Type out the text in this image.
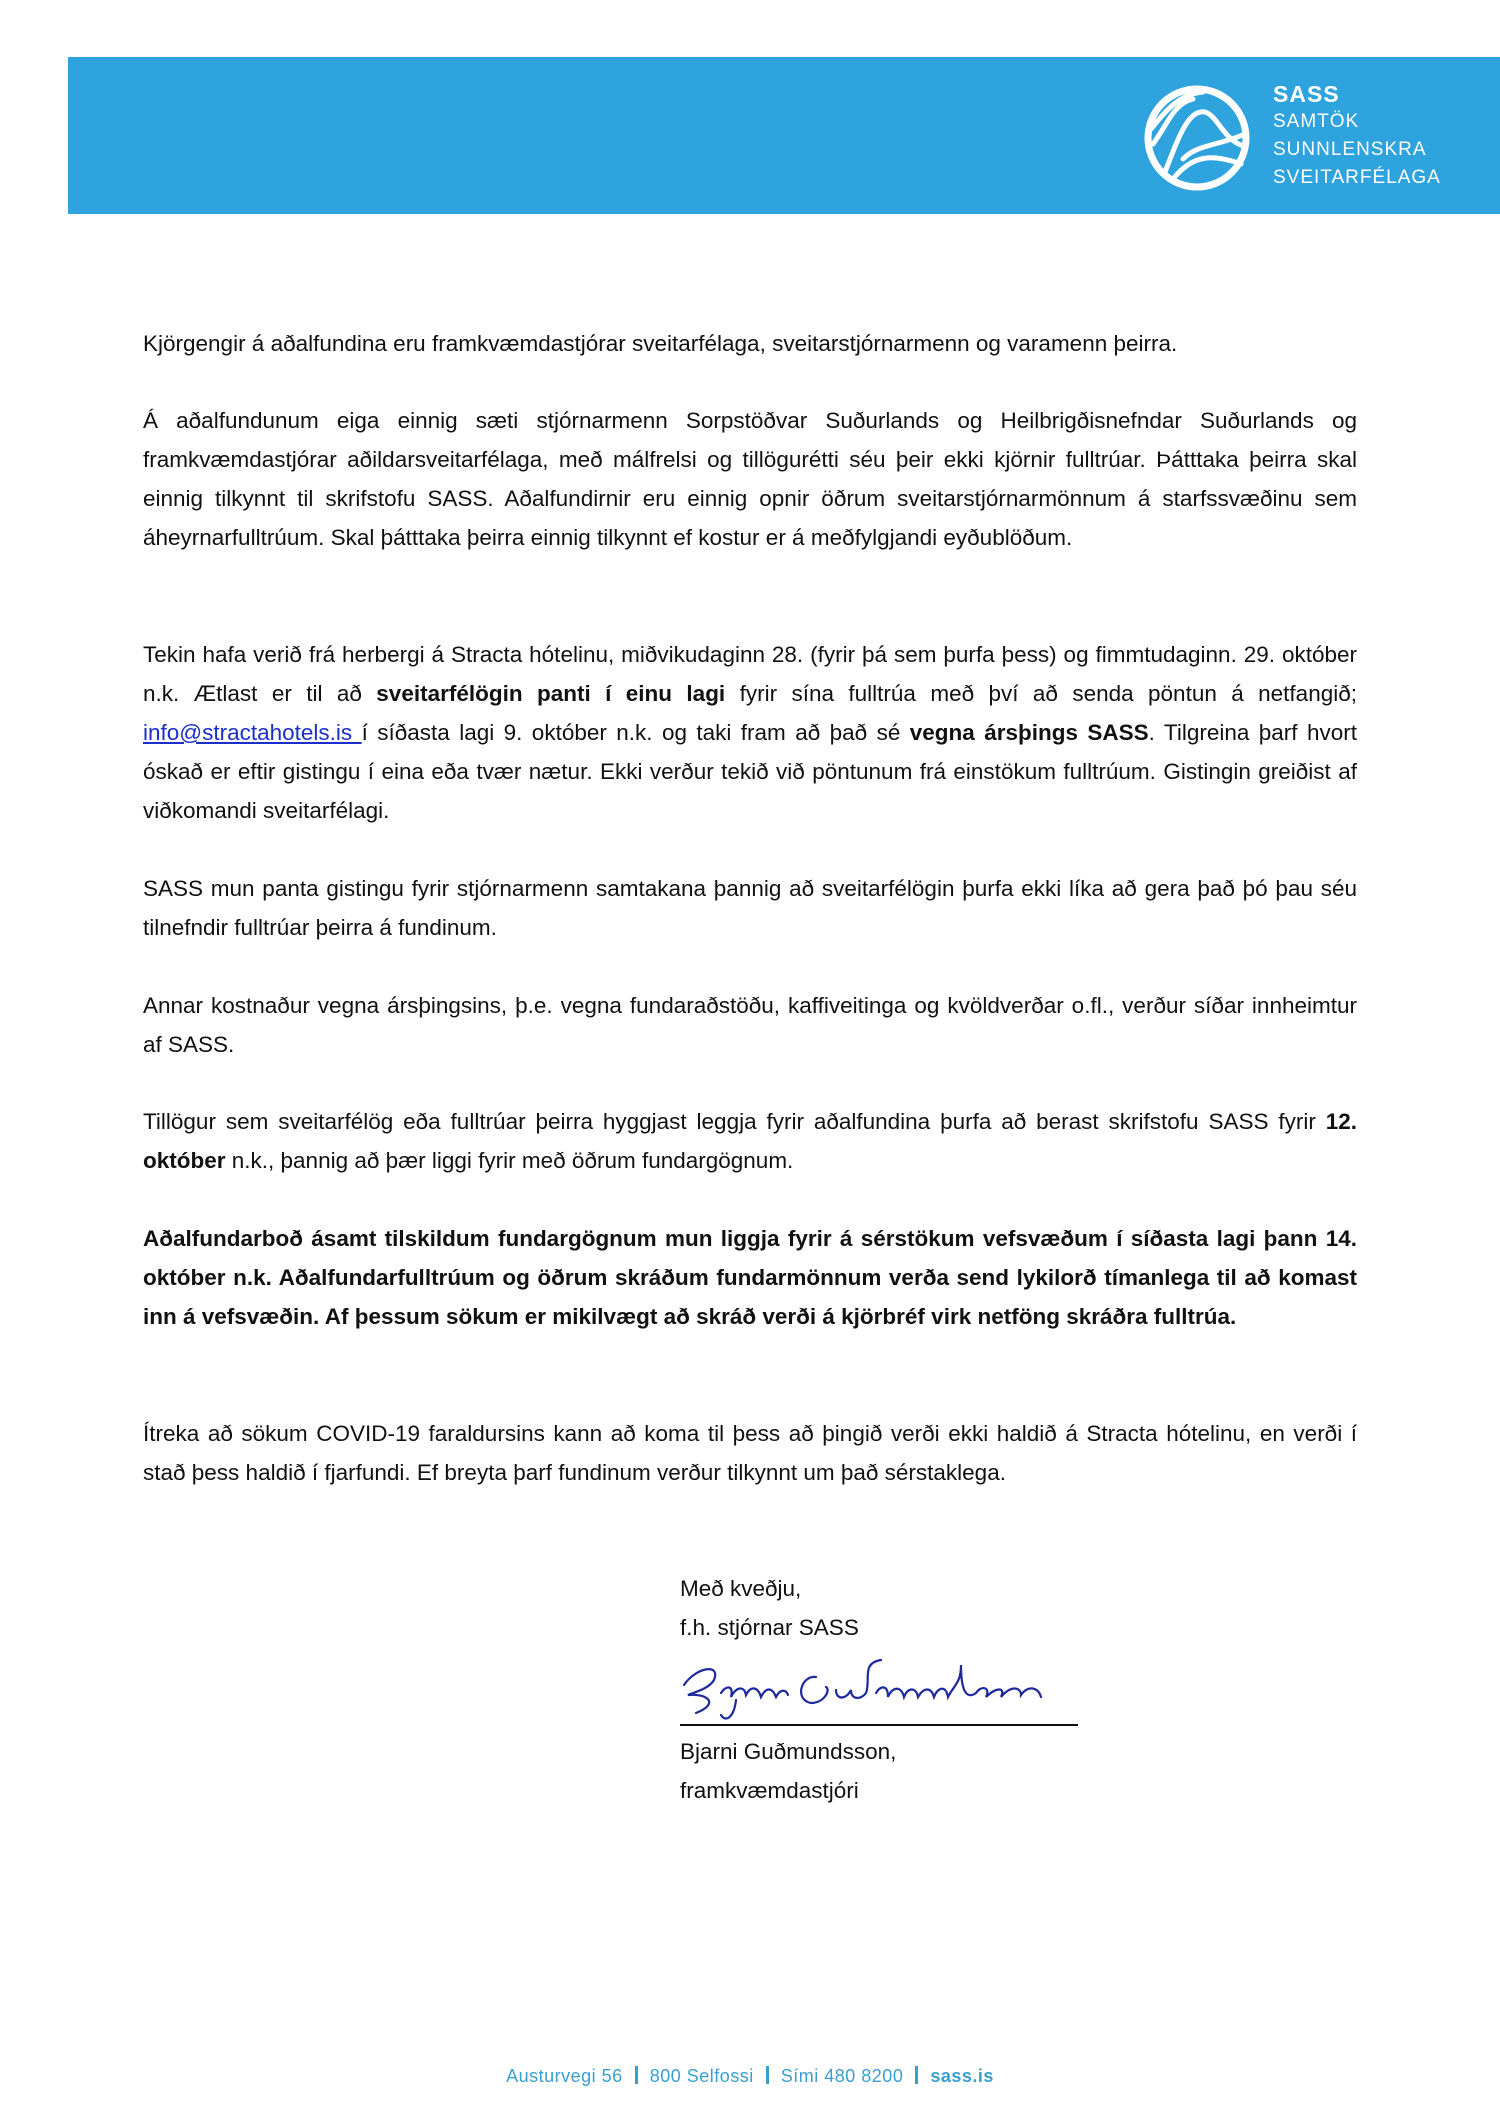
SASS
SAMTÖK
SUNNLENSKRA
SVEITARFÉLAGA
Kjörgengir á aðalfundina eru framkvæmdastjórar sveitarfélaga, sveitarstjórnarmenn og varamenn þeirra.
Á aðalfundunum eiga einnig sæti stjórnarmenn Sorpstöðvar Suðurlands og Heilbrigðisnefndar Suðurlands og framkvæmdastjórar aðildarsveitarfélaga, með málfrelsi og tillögurétti séu þeir ekki kjörnir fulltrúar. Þátttaka þeirra skal einnig tilkynnt til skrifstofu SASS. Aðalfundirnir eru einnig opnir öðrum sveitarstjórnarmönnum á starfssvæðinu sem áheyrnarfulltrúum. Skal þátttaka þeirra einnig tilkynnt ef kostur er á meðfylgjandi eyðublöðum.
Tekin hafa verið frá herbergi á Stracta hótelinu, miðvikudaginn 28. (fyrir þá sem þurfa þess) og fimmtudaginn. 29. október n.k. Ætlast er til að sveitarfélögin panti í einu lagi fyrir sína fulltrúa með því að senda pöntun á netfangið; info@stractahotels.is í síðasta lagi 9. október n.k. og taki fram að það sé vegna ársþings SASS. Tilgreina þarf hvort óskað er eftir gistingu í eina eða tvær nætur. Ekki verður tekið við pöntunum frá einstökum fulltrúum. Gistingin greiðist af viðkomandi sveitarfélagi.
SASS mun panta gistingu fyrir stjórnarmenn samtakana þannig að sveitarfélögin þurfa ekki líka að gera það þó þau séu tilnefndir fulltrúar þeirra á fundinum.
Annar kostnaður vegna ársþingsins, þ.e. vegna fundaraðstöðu, kaffiveitinga og kvöldverðar o.fl., verður síðar innheimtur af SASS.
Tillögur sem sveitarfélög eða fulltrúar þeirra hyggjast leggja fyrir aðalfundina þurfa að berast skrifstofu SASS fyrir 12. október n.k., þannig að þær liggi fyrir með öðrum fundargögnum.
Aðalfundarboð ásamt tilskildum fundargögnum mun liggja fyrir á sérstökum vefsvæðum í síðasta lagi þann 14. október n.k. Aðalfundarfulltrúum og öðrum skráðum fundarmönnum verða send lykilorð tímanlega til að komast inn á vefsvæðin. Af þessum sökum er mikilvægt að skráð verði á kjörbréf virk netföng skráðra fulltrúa.
Ítreka að sökum COVID-19 faraldursins kann að koma til þess að þingið verði ekki haldið á Stracta hótelinu, en verði í stað þess haldið í fjarfundi. Ef breyta þarf fundinum verður tilkynnt um það sérstaklega.
Með kveðju,
f.h. stjórnar SASS
Bjarni Guðmundsson,
framkvæmdastjóri
Austurvegi 56 800 Selfossi Sími 480 8200 sass.is
